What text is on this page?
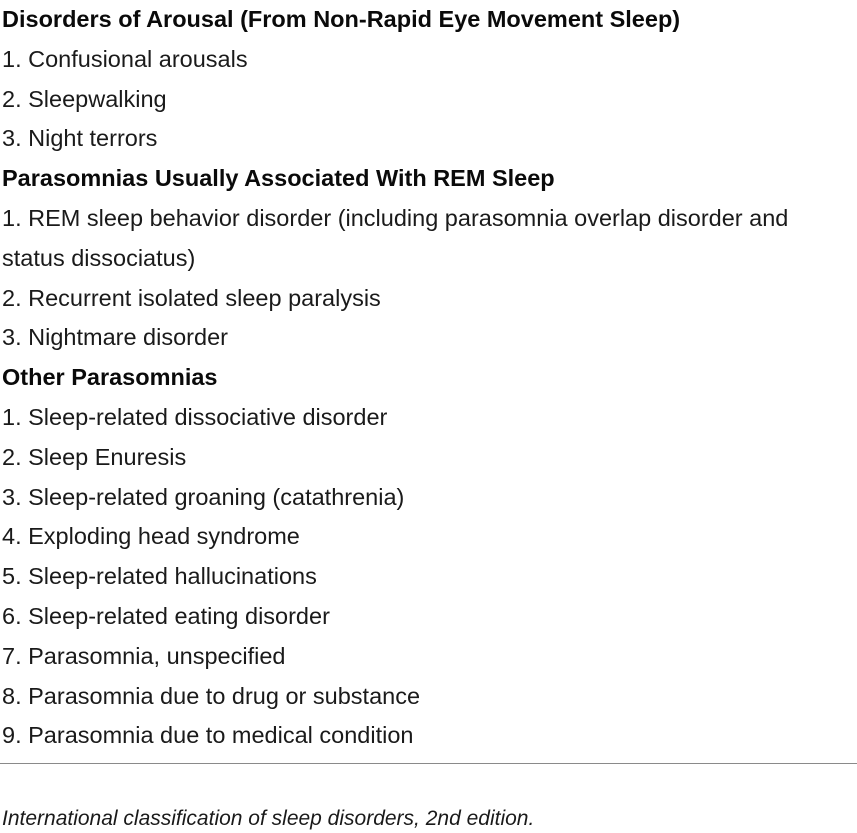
Disorders of Arousal (From Non-Rapid Eye Movement Sleep)

1. Confusional arousals

2. Sleepwalking

3. Night terrors

Parasomnias Usually Associated With REM Sleep

1. REM sleep behavior disorder (including parasomnia overlap disorder and

status dissociatus)

2. Recurrent isolated sleep paralysis

3. Nightmare disorder

Other Parasomnias

1. Sleep-related dissociative disorder

2. Sleep Enuresis

3. Sleep-related groaning (catathrenia)

4. Exploding head syndrome

5. Sleep-related hallucinations

6. Sleep-related eating disorder

7. Parasomnia, unspecified

8. Parasomnia due to drug or substance

9. Parasomnia due to medical condition

International classification of sleep disorders, 2nd edition.
